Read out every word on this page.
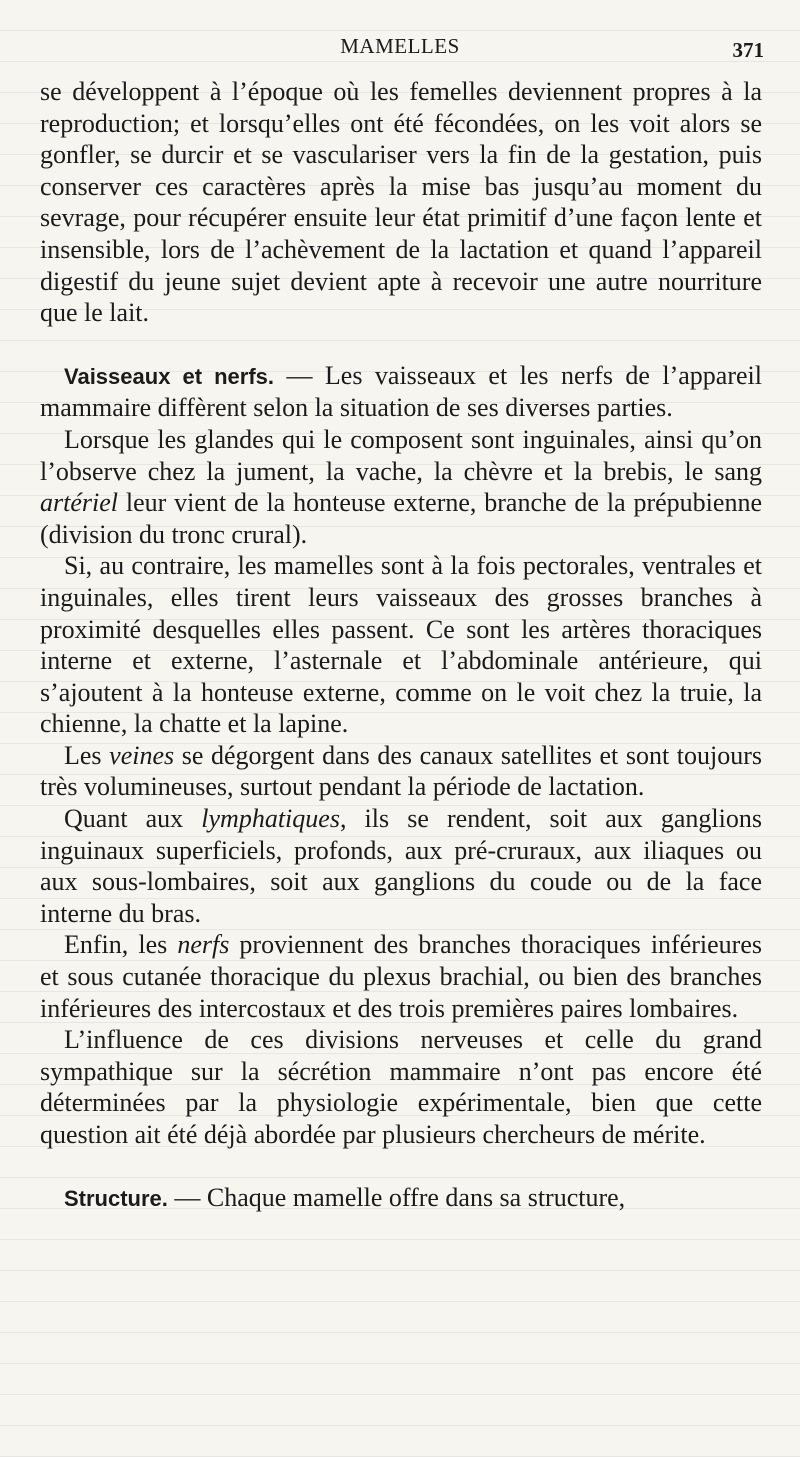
MAMELLES	371

se développent à l’époque où les femelles deviennent propres à la reproduction; et lorsqu’elles ont été fécondées, on les voit alors se gonfler, se durcir et se vasculariser vers la fin de la gestation, puis conserver ces caractères après la mise bas jusqu’au moment du sevrage, pour récupérer ensuite leur état primitif d’une façon lente et insensible, lors de l’achèvement de la lactation et quand l’appareil digestif du jeune sujet devient apte à recevoir une autre nourriture que le lait.

Vaisseaux et nerfs. — Les vaisseaux et les nerfs de l’appareil mammaire diffèrent selon la situation de ses diverses parties.

Lorsque les glandes qui le composent sont inguinales, ainsi qu’on l’observe chez la jument, la vache, la chèvre et la brebis, le sang artériel leur vient de la honteuse externe, branche de la prépubienne (division du tronc crural).

Si, au contraire, les mamelles sont à la fois pectorales, ventrales et inguinales, elles tirent leurs vaisseaux des grosses branches à proximité desquelles elles passent. Ce sont les artères thoraciques interne et externe, l’asternale et l’abdominale antérieure, qui s’ajoutent à la honteuse externe, comme on le voit chez la truie, la chienne, la chatte et la lapine.

Les veines se dégorgent dans des canaux satellites et sont toujours très volumineuses, surtout pendant la période de lactation.

Quant aux lymphatiques, ils se rendent, soit aux ganglions inguinaux superficiels, profonds, aux pré-cruraux, aux iliaques ou aux sous-lombaires, soit aux ganglions du coude ou de la face interne du bras.

Enfin, les nerfs proviennent des branches thoraciques inférieures et sous cutanée thoracique du plexus brachial, ou bien des branches inférieures des intercostaux et des trois premières paires lombaires.

L’influence de ces divisions nerveuses et celle du grand sympathique sur la sécrétion mammaire n’ont pas encore été déterminées par la physiologie expérimentale, bien que cette question ait été déjà abordée par plusieurs chercheurs de mérite.

Structure. — Chaque mamelle offre dans sa structure,
